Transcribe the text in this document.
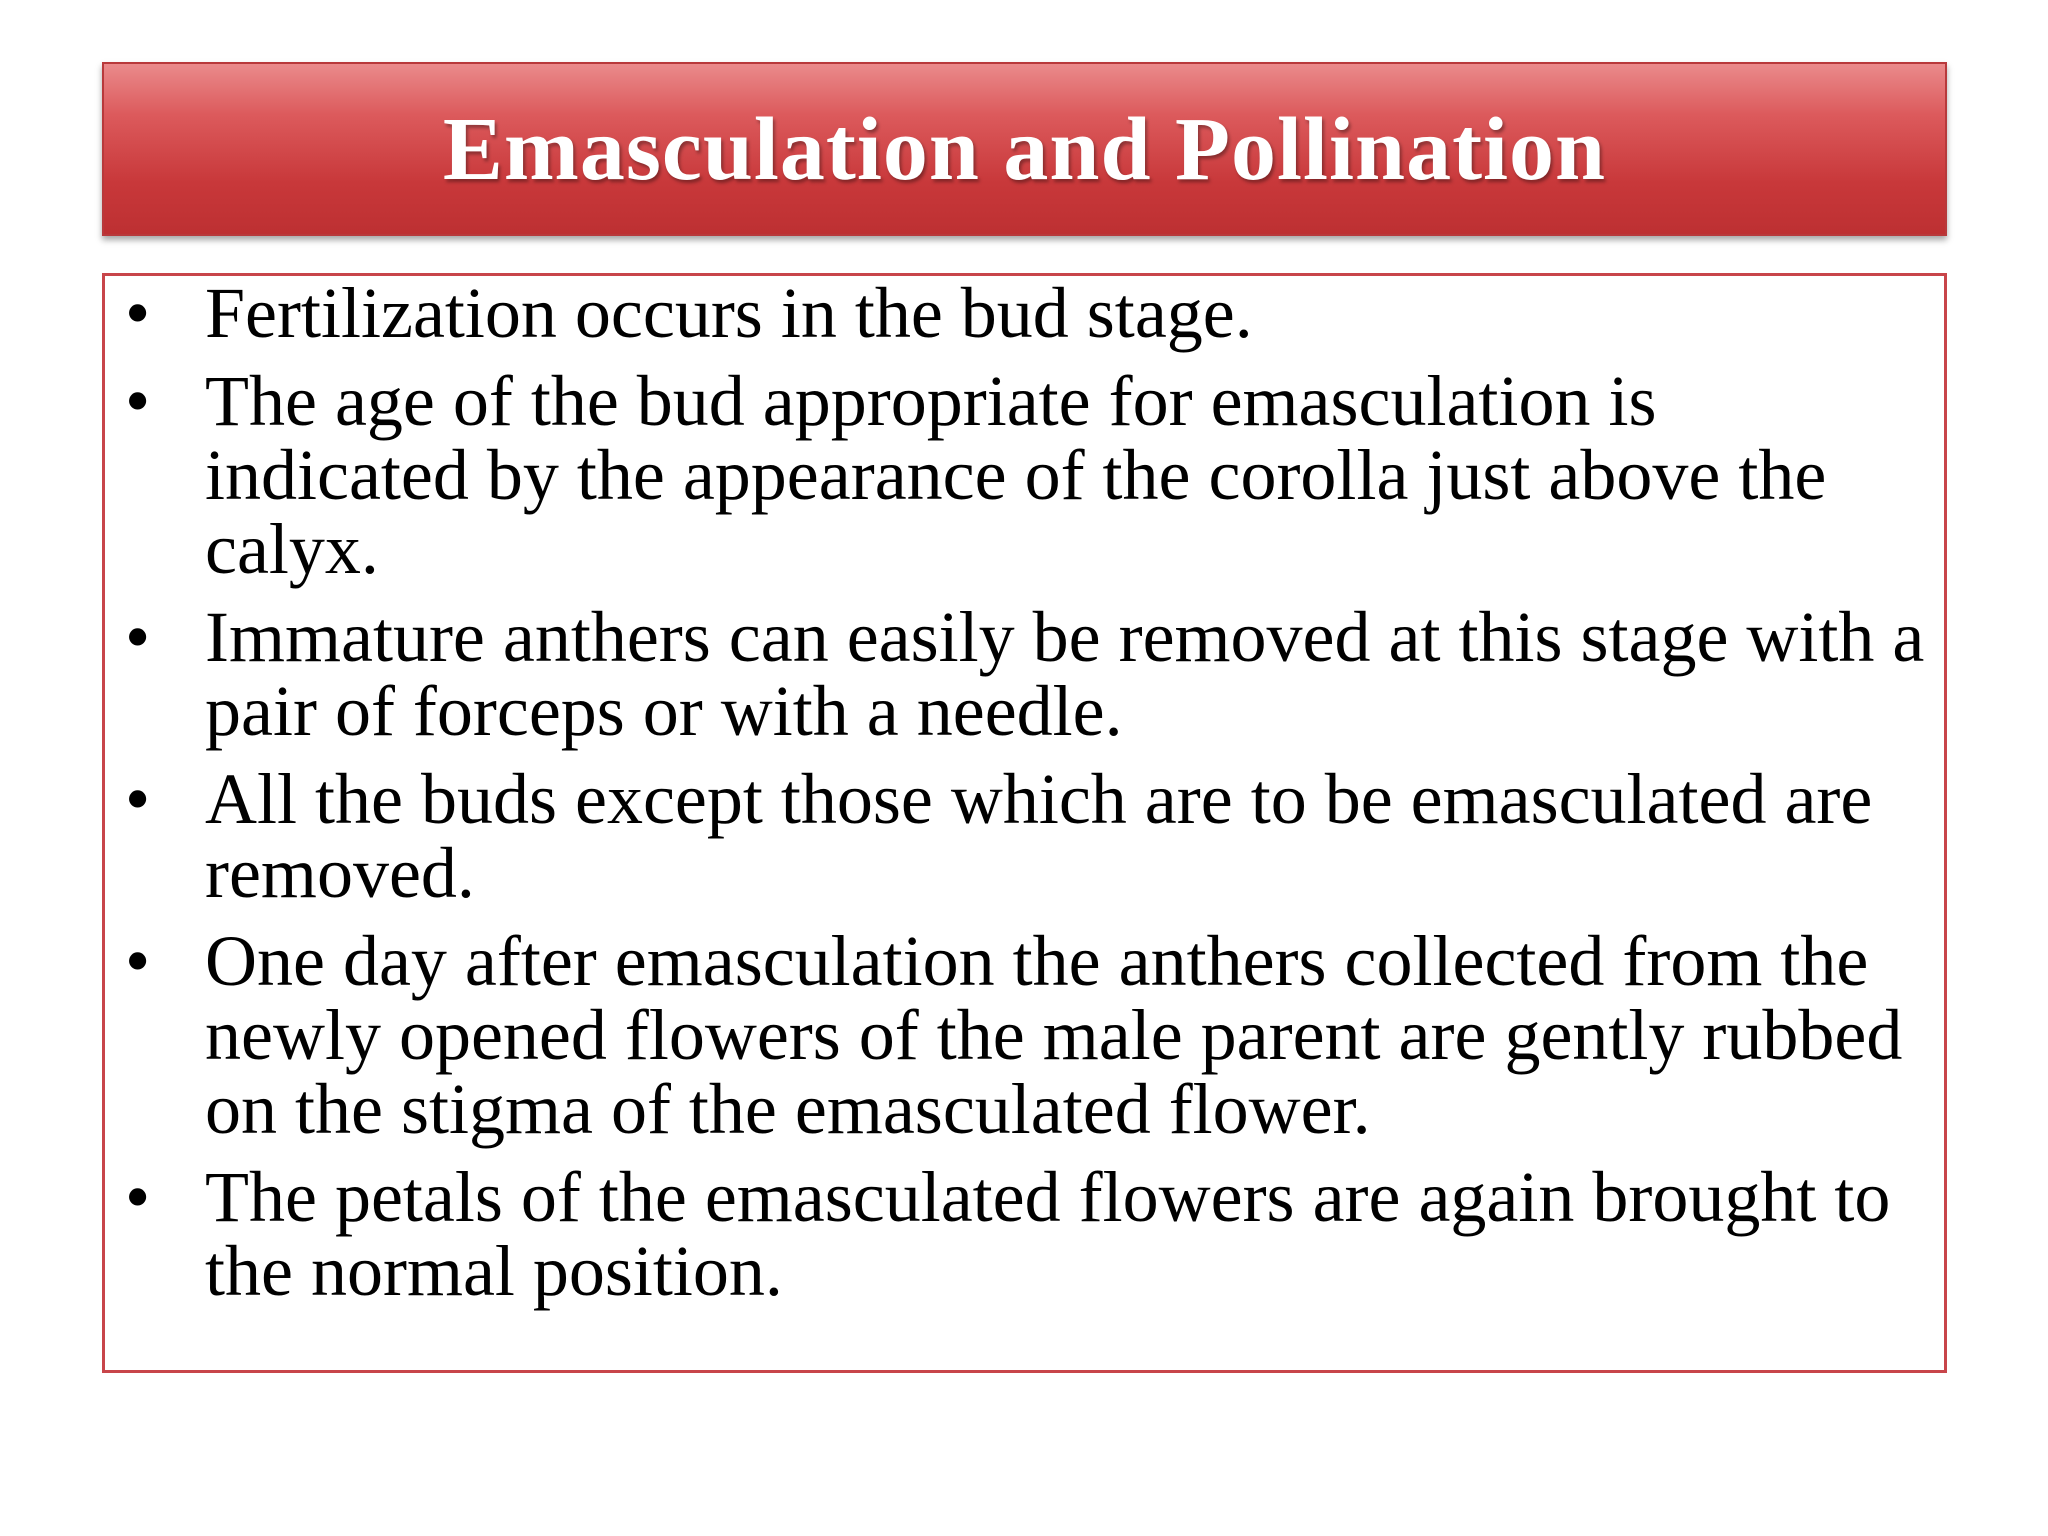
Emasculation and Pollination
• Fertilization occurs in the bud stage.
• The age of the bud appropriate for emasculation is indicated by the appearance of the corolla just above the calyx.
• Immature anthers can easily be removed at this stage with a pair of forceps or with a needle.
• All the buds except those which are to be emasculated are removed.
• One day after emasculation the anthers collected from the newly opened flowers of the male parent are gently rubbed on the stigma of the emasculated flower.
• The petals of the emasculated flowers are again brought to the normal position.
